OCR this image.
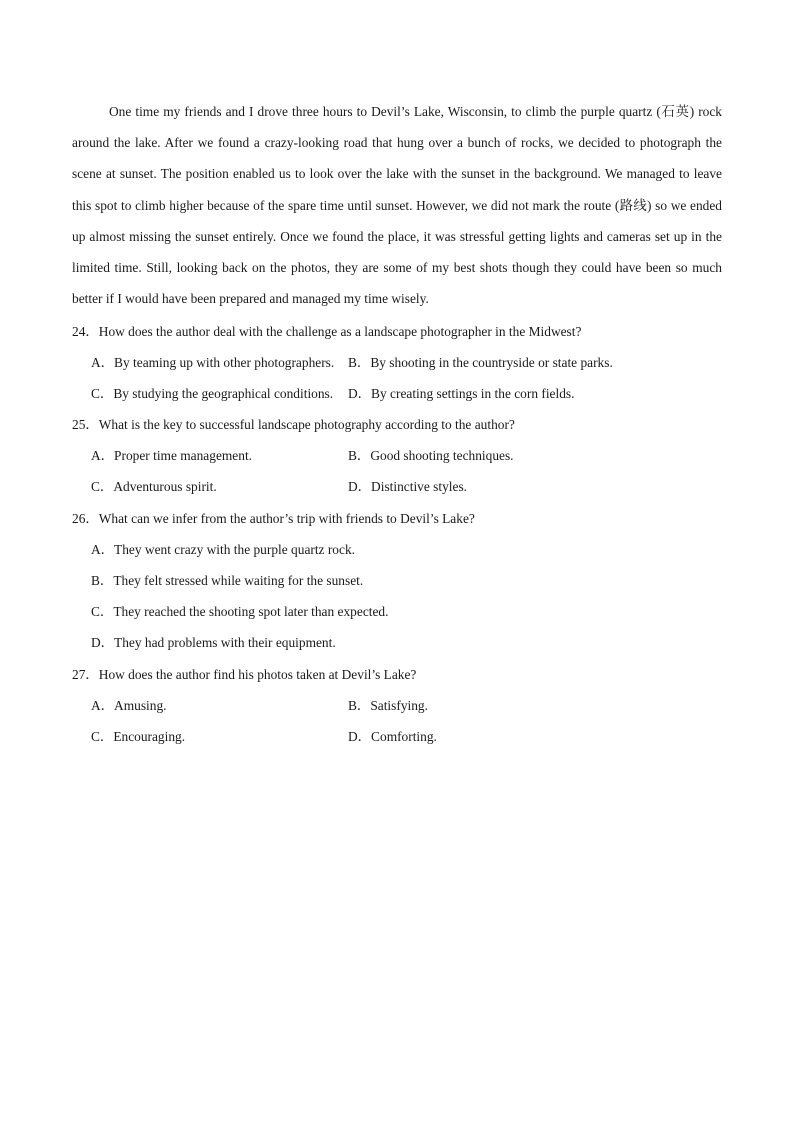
One time my friends and I drove three hours to Devil’s Lake, Wisconsin, to climb the purple quartz (石英) rock around the lake. After we found a crazy-looking road that hung over a bunch of rocks, we decided to photograph the scene at sunset. The position enabled us to look over the lake with the sunset in the background. We managed to leave this spot to climb higher because of the spare time until sunset. However, we did not mark the route (路线) so we ended up almost missing the sunset entirely. Once we found the place, it was stressful getting lights and cameras set up in the limited time. Still, looking back on the photos, they are some of my best shots though they could have been so much better if I would have been prepared and managed my time wisely.

24．How does the author deal with the challenge as a landscape photographer in the Midwest?
A．By teaming up with other photographers. B．By shooting in the countryside or state parks.
C．By studying the geographical conditions. D．By creating settings in the corn fields.
25．What is the key to successful landscape photography according to the author?
A．Proper time management.	B．Good shooting techniques.
C．Adventurous spirit.	D．Distinctive styles.
26．What can we infer from the author’s trip with friends to Devil’s Lake?
A．They went crazy with the purple quartz rock.
B．They felt stressed while waiting for the sunset.
C．They reached the shooting spot later than expected.
D．They had problems with their equipment.
27．How does the author find his photos taken at Devil’s Lake?
A．Amusing.	B．Satisfying.
C．Encouraging.	D．Comforting.
